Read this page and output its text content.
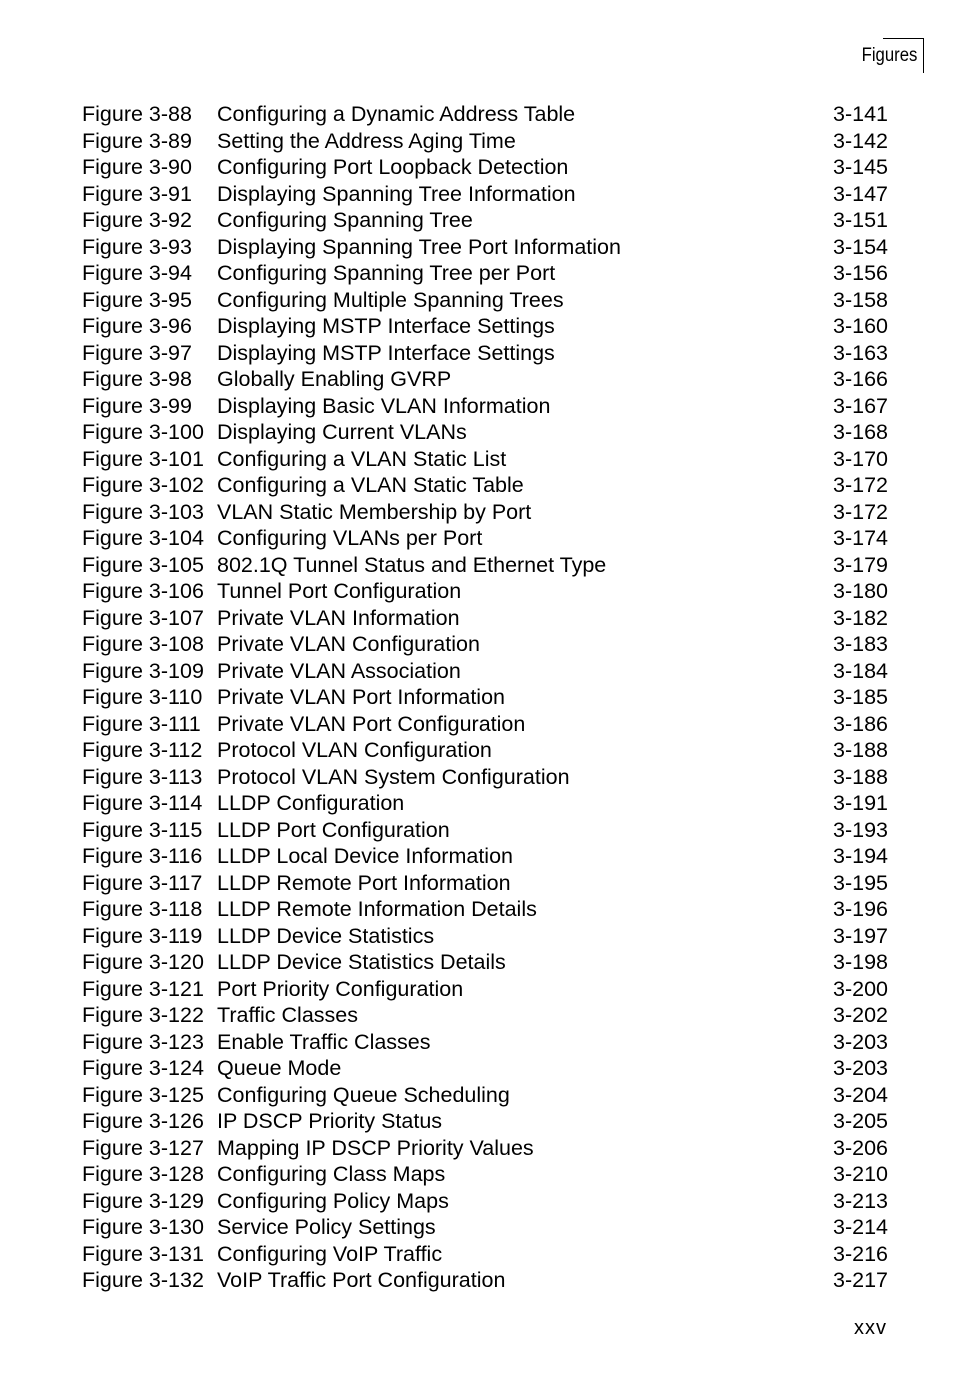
Figures
Figure 3-88 Configuring a Dynamic Address Table	3-141
Figure 3-89 Setting the Address Aging Time	3-142
Figure 3-90 Configuring Port Loopback Detection	3-145
Figure 3-91 Displaying Spanning Tree Information	3-147
Figure 3-92 Configuring Spanning Tree	3-151
Figure 3-93 Displaying Spanning Tree Port Information	3-154
Figure 3-94 Configuring Spanning Tree per Port	3-156
Figure 3-95 Configuring Multiple Spanning Trees	3-158
Figure 3-96 Displaying MSTP Interface Settings	3-160
Figure 3-97 Displaying MSTP Interface Settings	3-163
Figure 3-98 Globally Enabling GVRP	3-166
Figure 3-99 Displaying Basic VLAN Information	3-167
Figure 3-100 Displaying Current VLANs	3-168
Figure 3-101 Configuring a VLAN Static List	3-170
Figure 3-102 Configuring a VLAN Static Table	3-172
Figure 3-103 VLAN Static Membership by Port	3-172
Figure 3-104 Configuring VLANs per Port	3-174
Figure 3-105 802.1Q Tunnel Status and Ethernet Type	3-179
Figure 3-106 Tunnel Port Configuration	3-180
Figure 3-107 Private VLAN Information	3-182
Figure 3-108 Private VLAN Configuration	3-183
Figure 3-109 Private VLAN Association	3-184
Figure 3-110 Private VLAN Port Information	3-185
Figure 3-111 Private VLAN Port Configuration	3-186
Figure 3-112 Protocol VLAN Configuration	3-188
Figure 3-113 Protocol VLAN System Configuration	3-188
Figure 3-114 LLDP Configuration	3-191
Figure 3-115 LLDP Port Configuration	3-193
Figure 3-116 LLDP Local Device Information	3-194
Figure 3-117 LLDP Remote Port Information	3-195
Figure 3-118 LLDP Remote Information Details	3-196
Figure 3-119 LLDP Device Statistics	3-197
Figure 3-120 LLDP Device Statistics Details	3-198
Figure 3-121 Port Priority Configuration	3-200
Figure 3-122 Traffic Classes	3-202
Figure 3-123 Enable Traffic Classes	3-203
Figure 3-124 Queue Mode	3-203
Figure 3-125 Configuring Queue Scheduling	3-204
Figure 3-126 IP DSCP Priority Status	3-205
Figure 3-127 Mapping IP DSCP Priority Values	3-206
Figure 3-128 Configuring Class Maps	3-210
Figure 3-129 Configuring Policy Maps	3-213
Figure 3-130 Service Policy Settings	3-214
Figure 3-131 Configuring VoIP Traffic	3-216
Figure 3-132 VoIP Traffic Port Configuration	3-217
xxv
